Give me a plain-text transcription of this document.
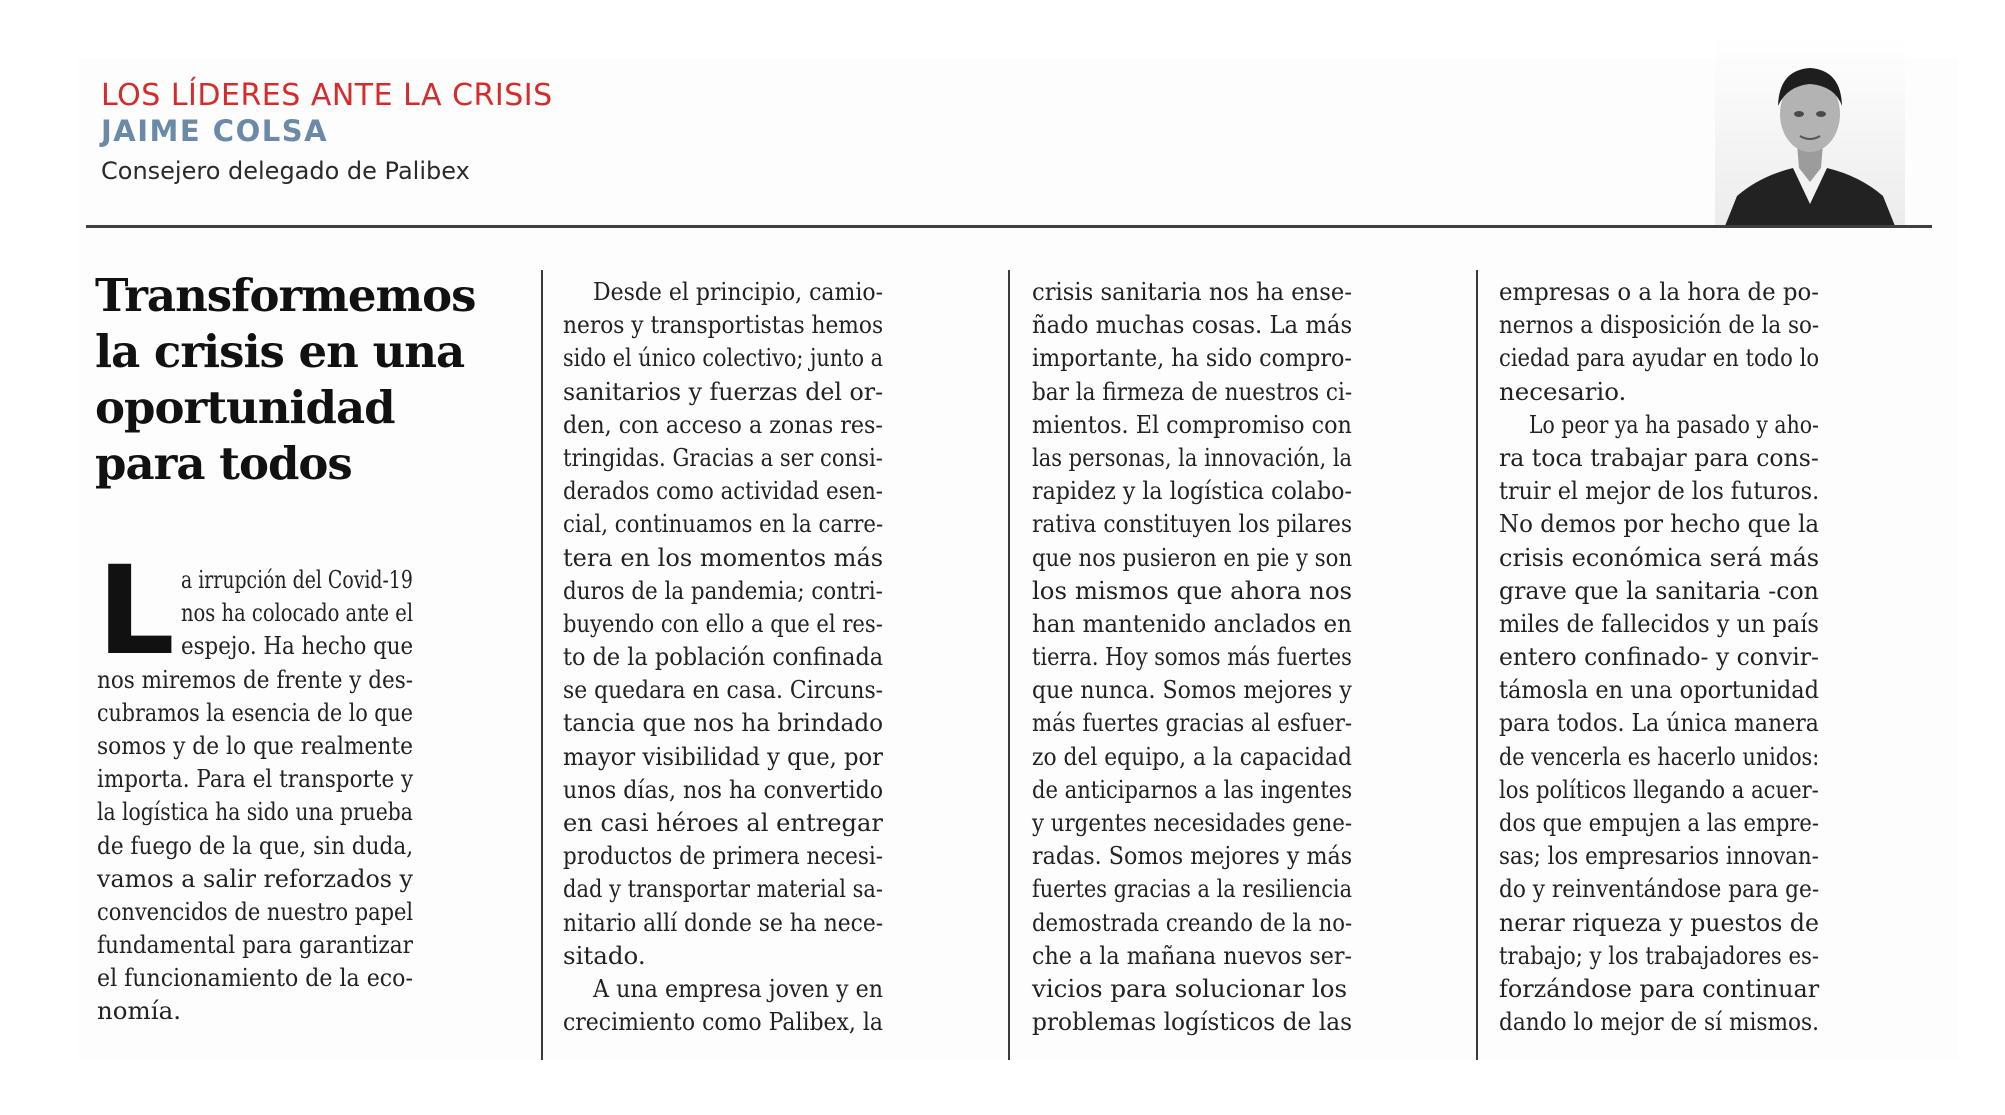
LOS LÍDERES ANTE LA CRISIS
JAIME COLSA
Consejero delegado de Palibex
Transformemos
la crisis en una
oportunidad
para todos
L a irrupción del Covid-19
nos ha colocado ante el
espejo. Ha hecho que
nos miremos de frente y des-
cubramos la esencia de lo que
somos y de lo que realmente
importa. Para el transporte y
la logística ha sido una prueba
de fuego de la que, sin duda,
vamos a salir reforzados y
convencidos de nuestro papel
fundamental para garantizar
el funcionamiento de la eco-
nomía.
Desde el principio, camio-
neros y transportistas hemos
sido el único colectivo; junto a
sanitarios y fuerzas del or-
den, con acceso a zonas res-
tringidas. Gracias a ser consi-
derados como actividad esen-
cial, continuamos en la carre-
tera en los momentos más
duros de la pandemia; contri-
buyendo con ello a que el res-
to de la población confinada
se quedara en casa. Circuns-
tancia que nos ha brindado
mayor visibilidad y que, por
unos días, nos ha convertido
en casi héroes al entregar
productos de primera necesi-
dad y transportar material sa-
nitario allí donde se ha nece-
sitado.
A una empresa joven y en
crecimiento como Palibex, la
crisis sanitaria nos ha ense-
ñado muchas cosas. La más
importante, ha sido compro-
bar la firmeza de nuestros ci-
mientos. El compromiso con
las personas, la innovación, la
rapidez y la logística colabo-
rativa constituyen los pilares
que nos pusieron en pie y son
los mismos que ahora nos
han mantenido anclados en
tierra. Hoy somos más fuertes
que nunca. Somos mejores y
más fuertes gracias al esfuer-
zo del equipo, a la capacidad
de anticiparnos a las ingentes
y urgentes necesidades gene-
radas. Somos mejores y más
fuertes gracias a la resiliencia
demostrada creando de la no-
che a la mañana nuevos ser-
vicios para solucionar los
problemas logísticos de las
empresas o a la hora de po-
nernos a disposición de la so-
ciedad para ayudar en todo lo
necesario.
Lo peor ya ha pasado y aho-
ra toca trabajar para cons-
truir el mejor de los futuros.
No demos por hecho que la
crisis económica será más
grave que la sanitaria -con
miles de fallecidos y un país
entero confinado- y convir-
támosla en una oportunidad
para todos. La única manera
de vencerla es hacerlo unidos:
los políticos llegando a acuer-
dos que empujen a las empre-
sas; los empresarios innovan-
do y reinventándose para ge-
nerar riqueza y puestos de
trabajo; y los trabajadores es-
forzándose para continuar
dando lo mejor de sí mismos.
